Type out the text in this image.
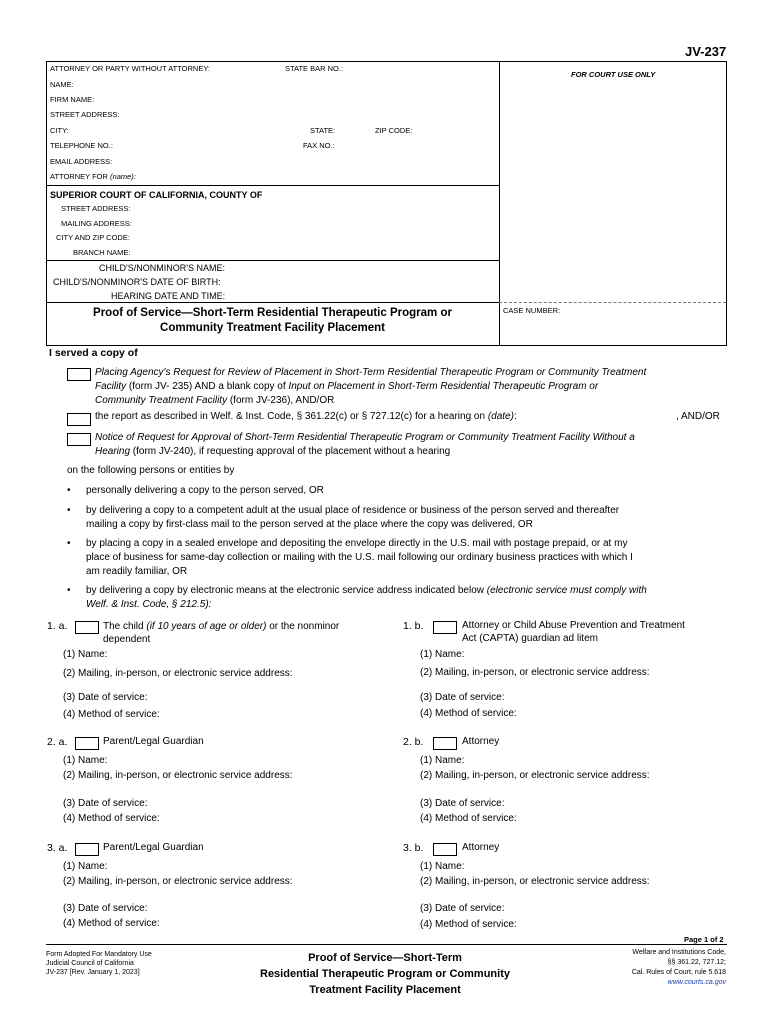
JV-237
FOR COURT USE ONLY
ATTORNEY OR PARTY WITHOUT ATTORNEY:	STATE BAR NO.:
NAME:
FIRM NAME:
STREET ADDRESS:
CITY:	STATE:	ZIP CODE:
TELEPHONE NO.:	FAX NO.:
EMAIL ADDRESS:
ATTORNEY FOR (name):
SUPERIOR COURT OF CALIFORNIA, COUNTY OF
STREET ADDRESS:
MAILING ADDRESS:
CITY AND ZIP CODE:
BRANCH NAME:
CHILD'S/NONMINOR'S NAME:
CHILD'S/NONMINOR'S DATE OF BIRTH:
HEARING DATE AND TIME:
Proof of Service—Short-Term Residential Therapeutic Program or
Community Treatment Facility Placement
CASE NUMBER:
I served a copy of
Placing Agency's Request for Review of Placement in Short-Term Residential Therapeutic Program or Community Treatment
Facility (form JV- 235) AND a blank copy of Input on Placement in Short-Term Residential Therapeutic Program or
Community Treatment Facility (form JV-236), AND/OR
the report as described in Welf. & Inst. Code, § 361.22(c) or § 727.12(c) for a hearing on (date):	, AND/OR
Notice of Request for Approval of Short-Term Residential Therapeutic Program or Community Treatment Facility Without a
Hearing (form JV-240), if requesting approval of the placement without a hearing
on the following persons or entities by
• personally delivering a copy to the person served, OR
• by delivering a copy to a competent adult at the usual place of residence or business of the person served and thereafter
mailing a copy by first-class mail to the person served at the place where the copy was delivered, OR
• by placing a copy in a sealed envelope and depositing the envelope directly in the U.S. mail with postage prepaid, or at my
place of business for same-day collection or mailing with the U.S. mail following our ordinary business practices with which I
am readily familiar, OR
• by delivering a copy by electronic means at the electronic service address indicated below (electronic service must comply with
Welf. & Inst. Code, § 212.5):
1. a.	The child (if 10 years of age or older) or the nonminor
dependent
(1) Name:
(2) Mailing, in-person, or electronic service address:
(3) Date of service:
(4) Method of service:
1. b.	Attorney or Child Abuse Prevention and Treatment
Act (CAPTA) guardian ad litem
(1) Name:
(2) Mailing, in-person, or electronic service address:
(3) Date of service:
(4) Method of service:
2. a.	Parent/Legal Guardian
(1) Name:
(2) Mailing, in-person, or electronic service address:
(3) Date of service:
(4) Method of service:
2. b.	Attorney
(1) Name:
(2) Mailing, in-person, or electronic service address:
(3) Date of service:
(4) Method of service:
3. a.	Parent/Legal Guardian
(1) Name:
(2) Mailing, in-person, or electronic service address:
(3) Date of service:
(4) Method of service:
3. b.	Attorney
(1) Name:
(2) Mailing, in-person, or electronic service address:
(3) Date of service:
(4) Method of service:
Page 1 of 2
Form Adopted For Mandatory Use
Judicial Council of California
JV-237 [Rev. January 1, 2023]
Proof of Service—Short-Term
Residential Therapeutic Program or Community
Treatment Facility Placement
Welfare and Institutions Code,
§§ 361.22, 727.12;
Cal. Rules of Court, rule 5.618
www.courts.ca.gov
